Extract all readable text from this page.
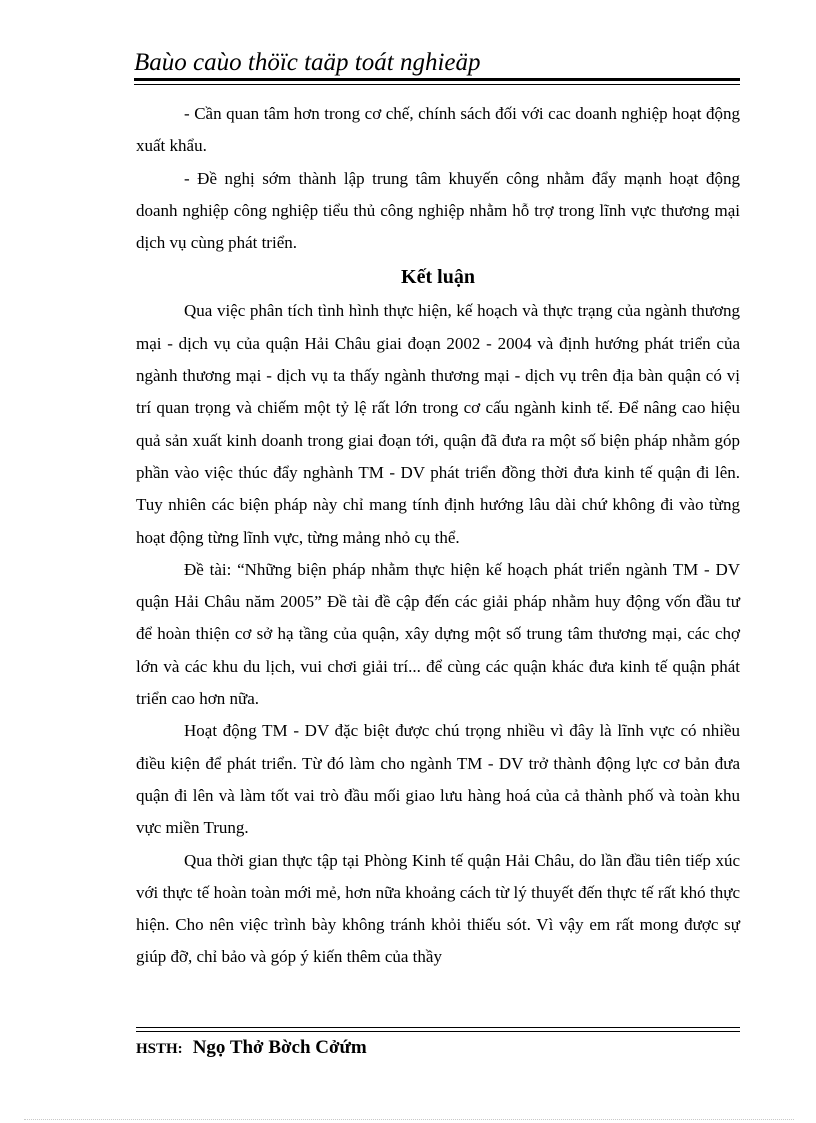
Baùo caùo thöïc taäp toát nghieäp

- Cần quan tâm hơn trong cơ chế, chính sách đối với cac doanh nghiệp hoạt động xuất khẩu.

- Đề nghị sớm thành lập trung tâm khuyến công nhằm đẩy mạnh hoạt động doanh nghiệp công nghiệp tiểu thủ công nghiệp nhằm hỗ trợ trong lĩnh vực thương mại dịch vụ cùng phát triển.

Kết luận

Qua việc phân tích tình hình thực hiện, kế hoạch và thực trạng của ngành thương mại - dịch vụ của quận Hải Châu giai đoạn 2002 - 2004 và định hướng phát triển của ngành thương mại - dịch vụ ta thấy ngành thương mại - dịch vụ trên địa bàn quận có vị trí quan trọng và chiếm một tỷ lệ rất lớn trong cơ cấu ngành kinh tế. Để nâng cao hiệu quả sản xuất kinh doanh trong giai đoạn tới, quận đã đưa ra một số biện pháp nhằm góp phần vào việc thúc đẩy nghành TM - DV phát triển đồng thời đưa kinh tế quận đi lên. Tuy nhiên các biện pháp này chỉ mang tính định hướng lâu dài chứ không đi vào từng hoạt động từng lĩnh vực, từng mảng nhỏ cụ thể.

Đề tài: “Những biện pháp nhằm thực hiện kế hoạch phát triển ngành TM - DV quận Hải Châu năm 2005” Đề tài đề cập đến các giải pháp nhằm huy động vốn đầu tư để hoàn thiện cơ sở hạ tầng của quận, xây dựng một số trung tâm thương mại, các chợ lớn và các khu du lịch, vui chơi giải trí... để cùng các quận khác đưa kinh tế quận phát triển cao hơn nữa.

Hoạt động TM - DV đặc biệt được chú trọng nhiều vì đây là lĩnh vực có nhiều điều kiện để phát triển. Từ đó làm cho ngành TM - DV trở thành động lực cơ bản đưa quận đi lên và làm tốt vai trò đầu mối giao lưu hàng hoá của cả thành phố và toàn khu vực miền Trung.

Qua thời gian thực tập tại Phòng Kinh tế quận Hải Châu, do lần đầu tiên tiếp xúc với thực tế hoàn toàn mới mẻ, hơn nữa khoảng cách từ lý thuyết đến thực tế rất khó thực hiện. Cho nên việc trình bày không tránh khỏi thiếu sót. Vì vậy em rất mong được sự giúp đỡ, chỉ bảo và góp ý kiến thêm của thầy

HSTH: Ngọ Thở Bờch Cởứm
